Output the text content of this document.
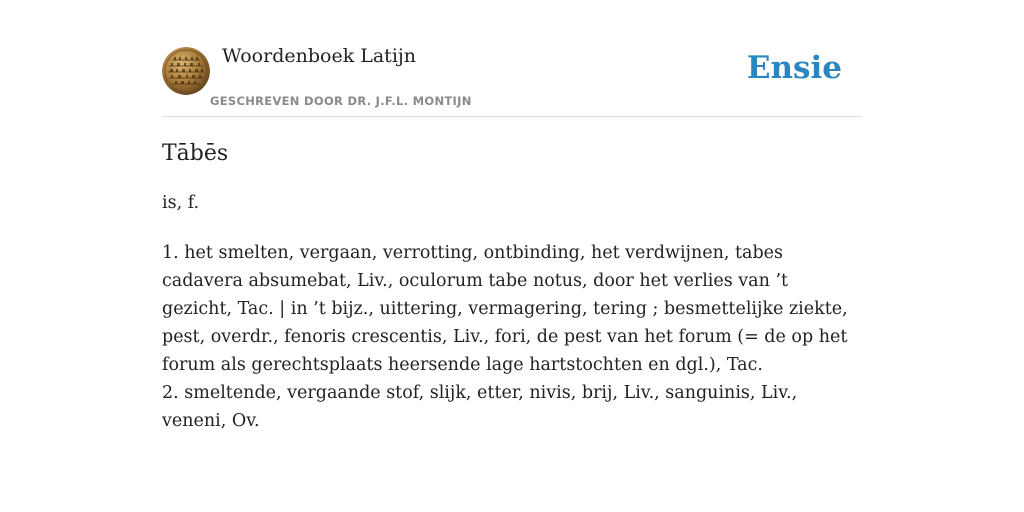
Woordenboek Latijn
GESCHREVEN DOOR DR. J.F.L. MONTIJN
Ensie
Tābēs

is, f.

1. het smelten, vergaan, verrotting, ontbinding, het verdwijnen, tabes cadavera absumebat, Liv., oculorum tabe notus, door het verlies van ’t gezicht, Tac. | in ’t bijz., uittering, vermagering, tering ; besmettelijke ziekte, pest, overdr., fenoris crescentis, Liv., fori, de pest van het forum (= de op het forum als gerechtsplaats heersende lage hartstochten en dgl.), Tac.
2. smeltende, vergaande stof, slijk, etter, nivis, brij, Liv., sanguinis, Liv., veneni, Ov.
